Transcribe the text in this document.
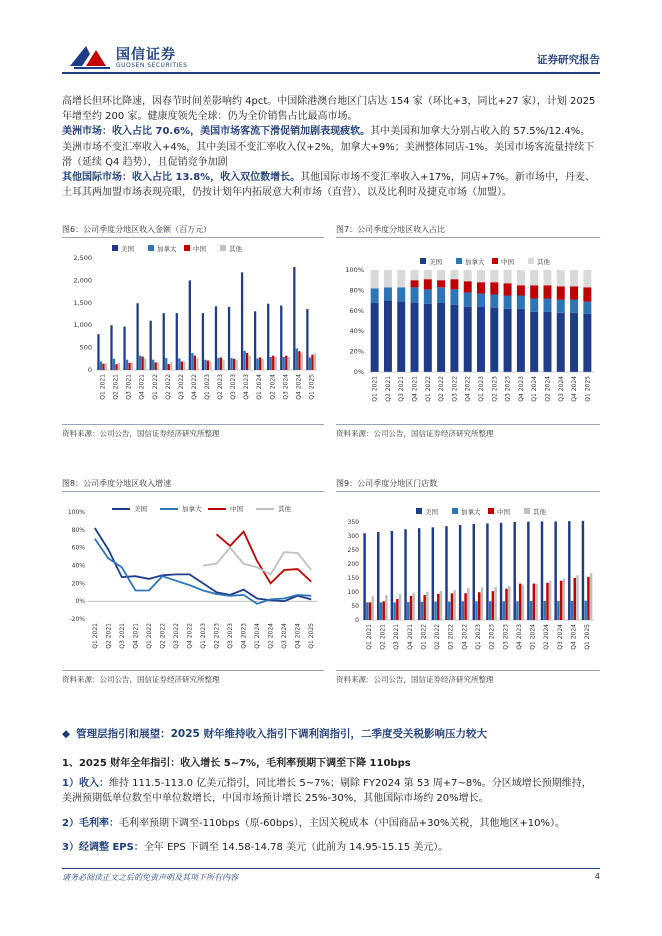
国信证券
GUOSEN SECURITIES	证券研究报告
高增长但环比降速，因春节时间差影响约 4pct。中国除港澳台地区门店达 154 家（环比+3，同比+27 家），计划 2025 年增至约 200 家。健康度领先全球：仍为全价销售占比最高市场。
美洲市场：收入占比 70.6%，美国市场客流下滑促销加剧表现疲软。其中美国和加拿大分别占收入的 57.5%/12.4%。美洲市场不变汇率收入+4%，其中美国不变汇率收入仅+2%，加拿大+9%；美洲整体同店-1%。美国市场客流量持续下滑（延续 Q4 趋势），且促销竞争加剧
其他国际市场：收入占比 13.8%，收入双位数增长。其他国际市场不变汇率收入+17%，同店+7%。新市场中，丹麦、土耳其两加盟市场表现亮眼，仍按计划年内拓展意大利市场（直营）、以及比利时及捷克市场（加盟）。
图6：公司季度分地区收入金额（百万元）
0
500
1,000
1,500
2,000
2,500
美国	加拿大	中国	其他
Q1 2021 Q2 2021 Q3 2021 Q4 2021 Q1 2022 Q2 2022 Q3 2022 Q4 2022 Q1 2023 Q2 2023 Q3 2023 Q4 2023 Q1 2024 Q2 2024 Q3 2024 Q4 2024 Q1 2025
资料来源：公司公告，国信证券经济研究所整理
图7：公司季度分地区收入占比
0%
20%
40%
60%
80%
100%
美国	加拿大	中国	其他
Q1 2021 Q2 2021 Q3 2021 Q4 2021 Q1 2022 Q2 2022 Q3 2022 Q4 2022 Q1 2023 Q2 2023 Q3 2023 Q4 2023 Q1 2024 Q2 2024 Q3 2024 Q4 2024 Q1 2025
资料来源：公司公告，国信证券经济研究所整理
图8：公司季度分地区收入增速
-20%
0%
20%
40%
60%
80%
100%	美国	加拿大	中国	其他
Q1 2021 Q2 2021 Q3 2021 Q4 2021 Q1 2022 Q2 2022 Q3 2022 Q4 2022 Q1 2023 Q2 2023 Q3 2023 Q4 2023 Q1 2024 Q2 2024 Q3 2024 Q4 2024 Q1 2025
资料来源：公司公告，国信证券经济研究所整理
图9：公司季度分地区门店数
0
50
100
150
200
250
300
350
美国	加拿大	中国	其他
Q1 2021 Q2 2021 Q3 2021 Q4 2021 Q1 2022 Q2 2022 Q3 2022 Q4 2022 Q1 2023 Q2 2023 Q3 2023 Q4 2023 Q1 2024 Q2 2024 Q3 2024 Q4 2024 Q1 2025
资料来源：公司公告，国信证券经济研究所整理
◆ 管理层指引和展望：2025 财年维持收入指引下调利润指引，二季度受关税影响压力较大
1、2025 财年全年指引：收入增长 5~7%，毛利率预期下调至下降 110bps
1）收入：维持 111.5-113.0 亿美元指引，同比增长 5~7%；剔除 FY2024 第 53 周+7~8%。分区域增长预期维持，美洲预期低单位数至中单位数增长，中国市场预计增长 25%-30%，其他国际市场约 20%增长。
2）毛利率：毛利率预期下调至-110bps（原-60bps），主因关税成本（中国商品+30%关税，其他地区+10%）。
3）经调整 EPS：全年 EPS 下调至 14.58-14.78 美元（此前为 14.95-15.15 美元）。
请务必阅读正文之后的免责声明及其项下所有内容	4
